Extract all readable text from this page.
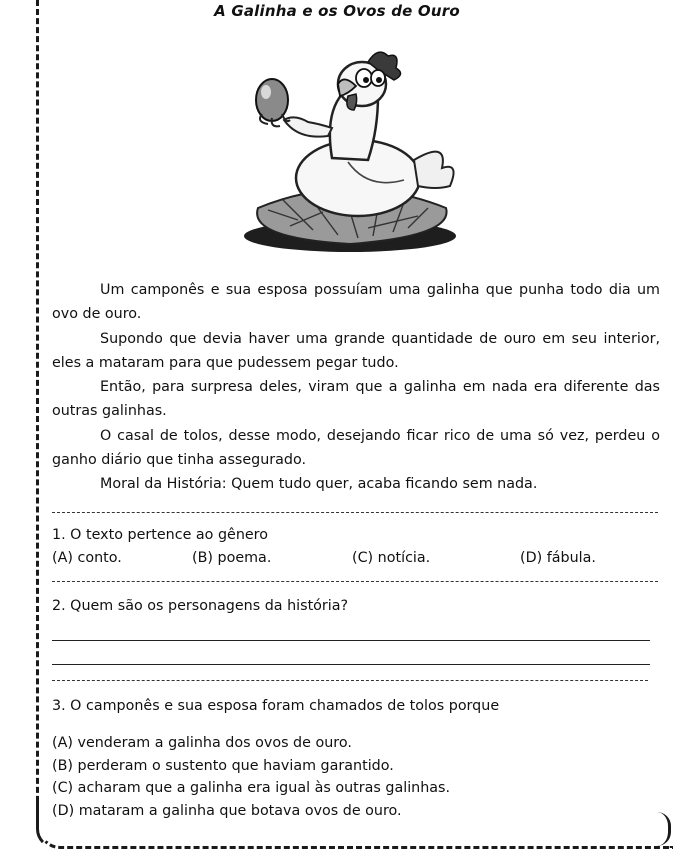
A Galinha e os Ovos de Ouro

Um camponês e sua esposa possuíam uma galinha que punha todo dia um ovo de ouro.

Supondo que devia haver uma grande quantidade de ouro em seu interior, eles a mataram para que pudessem pegar tudo.

Então, para surpresa deles, viram que a galinha em nada era diferente das outras galinhas.

O casal de tolos, desse modo, desejando ficar rico de uma só vez, perdeu o ganho diário que tinha assegurado.

Moral da História: Quem tudo quer, acaba ficando sem nada.

1. O texto pertence ao gênero
(A) conto.	(B) poema.	(C) notícia.	(D) fábula.
2. Quem são os personagens da história?
3. O camponês e sua esposa foram chamados de tolos porque
(A) venderam a galinha dos ovos de ouro.
(B) perderam o sustento que haviam garantido.
(C) acharam que a galinha era igual às outras galinhas.
(D) mataram a galinha que botava ovos de ouro.
